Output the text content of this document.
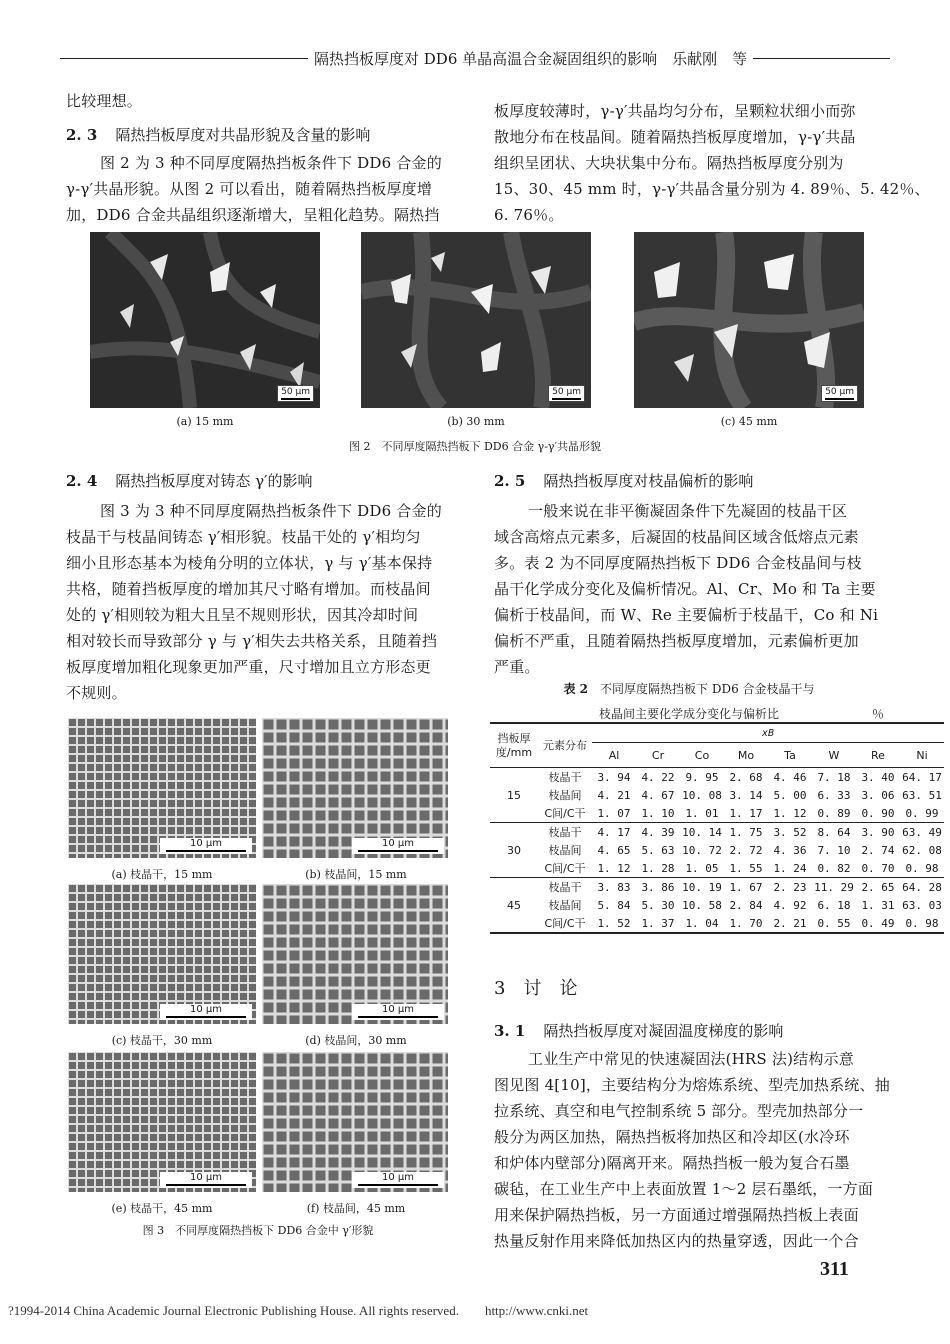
隔热挡板厚度对 DD6 单晶高温合金凝固组织的影响　乐献刚　等
比较理想。
2. 3 隔热挡板厚度对共晶形貌及含量的影响
图 2 为 3 种不同厚度隔热挡板条件下 DD6 合金的
γ-γ′共晶形貌。从图 2 可以看出，随着隔热挡板厚度增
加，DD6 合金共晶组织逐渐增大，呈粗化趋势。隔热挡
板厚度较薄时，γ-γ′共晶均匀分布，呈颗粒状细小而弥
散地分布在枝晶间。随着隔热挡板厚度增加，γ-γ′共晶
组织呈团状、大块状集中分布。隔热挡板厚度分别为
15、30、45 mm 时，γ-γ′共晶含量分别为 4. 89％、5. 42％、
6. 76％。
50 μm	50 μm	50 μm
(a) 15 mm	(b) 30 mm	(c) 45 mm
图 2　不同厚度隔热挡板下 DD6 合金 γ-γ′共晶形貌
2. 4 隔热挡板厚度对铸态 γ′的影响
图 3 为 3 种不同厚度隔热挡板条件下 DD6 合金的
枝晶干与枝晶间铸态 γ′相形貌。枝晶干处的 γ′相均匀
细小且形态基本为棱角分明的立体状，γ 与 γ′基本保持
共格，随着挡板厚度的增加其尺寸略有增加。而枝晶间
处的 γ′相则较为粗大且呈不规则形状，因其冷却时间
相对较长而导致部分 γ 与 γ′相失去共格关系，且随着挡
板厚度增加粗化现象更加严重，尺寸增加且立方形态更
不规则。
10 μm
(a) 枝晶干，15 mm
10 μm
(b) 枝晶间，15 mm
10 μm
(c) 枝晶干，30 mm
10 μm
(d) 枝晶间，30 mm
10 μm
(e) 枝晶干，45 mm
10 μm
(f) 枝晶间，45 mm
图 3　不同厚度隔热挡板下 DD6 合金中 γ′形貌
2. 5 隔热挡板厚度对枝晶偏析的影响
一般来说在非平衡凝固条件下先凝固的枝晶干区
域含高熔点元素多，后凝固的枝晶间区域含低熔点元素
多。表 2 为不同厚度隔热挡板下 DD6 合金枝晶间与枝
晶干化学成分变化及偏析情况。Al、Cr、Mo 和 Ta 主要
偏析于枝晶间，而 W、Re 主要偏析于枝晶干，Co 和 Ni
偏析不严重，且随着隔热挡板厚度增加，元素偏析更加
严重。
表 2　 不同厚度隔热挡板下 DD6 合金枝晶干与
枝晶间主要化学成分变化与偏析比	％
挡板厚度/mm	元素分布	xB							
		Al	Cr	Co	Mo	Ta	W	Re	Ni
15	枝晶干	3. 94	4. 22	9. 95	2. 68	4. 46	7. 18	3. 40	64. 17
	枝晶间	4. 21	4. 67	10. 08	3. 14	5. 00	6. 33	3. 06	63. 51
	C间/C干	1. 07	1. 10	1. 01	1. 17	1. 12	0. 89	0. 90	0. 99
30	枝晶干	4. 17	4. 39	10. 14	1. 75	3. 52	8. 64	3. 90	63. 49
	枝晶间	4. 65	5. 63	10. 72	2. 72	4. 36	7. 10	2. 74	62. 08
	C间/C干	1. 12	1. 28	1. 05	1. 55	1. 24	0. 82	0. 70	0. 98
45	枝晶干	3. 83	3. 86	10. 19	1. 67	2. 23	11. 29	2. 65	64. 28
	枝晶间	5. 84	5. 30	10. 58	2. 84	4. 92	6. 18	1. 31	63. 03
	C间/C干	1. 52	1. 37	1. 04	1. 70	2. 21	0. 55	0. 49	0. 98
3　 讨　论
3. 1 隔热挡板厚度对凝固温度梯度的影响
工业生产中常见的快速凝固法(HRS 法)结构示意
图见图 4[10]，主要结构分为熔炼系统、型壳加热系统、抽
拉系统、真空和电气控制系统 5 部分。型壳加热部分一
般分为两区加热，隔热挡板将加热区和冷却区(水冷环
和炉体内壁部分)隔离开来。隔热挡板一般为复合石墨
碳毡，在工业生产中上表面放置 1～2 层石墨纸，一方面
用来保护隔热挡板，另一方面通过增强隔热挡板上表面
热量反射作用来降低加热区内的热量穿透，因此一个合
311
?1994-2014 China Academic Journal Electronic Publishing House. All rights reserved.　　http://www.cnki.net
